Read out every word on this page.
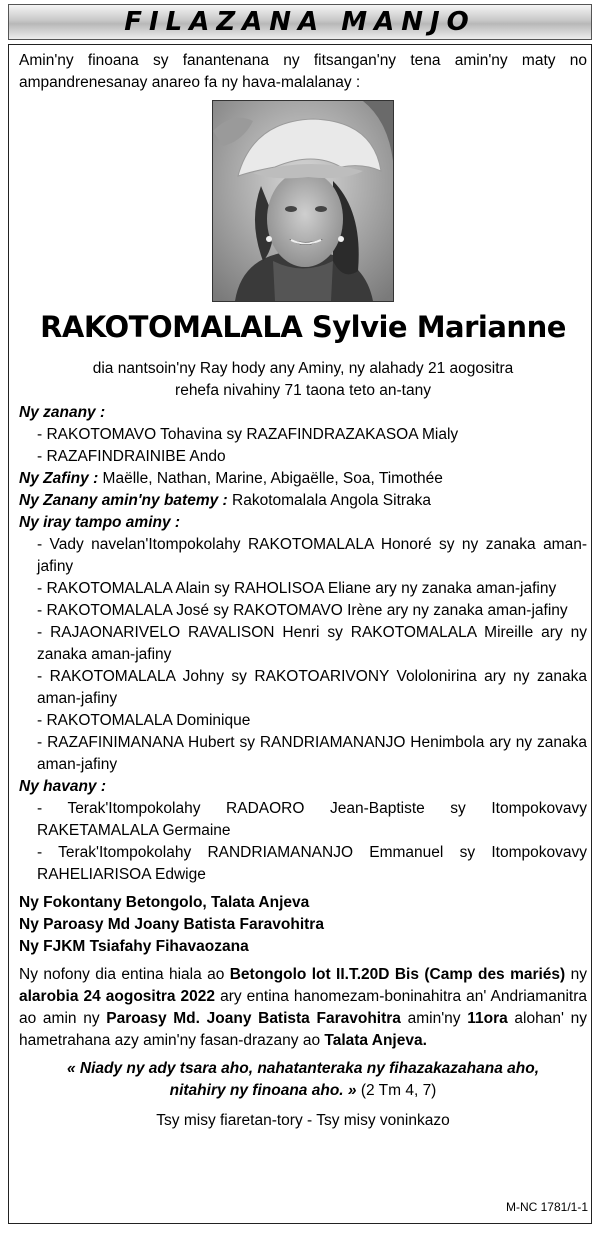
FILAZANA MANJO

Amin'ny finoana sy fanantenana ny fitsangan'ny tena amin'ny maty no ampandrenesanay anareo fa ny hava-malalanay :

RAKOTOMALALA Sylvie Marianne
dia nantsoin'ny Ray hody any Aminy, ny alahady 21 aogositra
rehefa nivahiny 71 taona teto an-tany

Ny zanany :

- RAKOTOMAVO Tohavina sy RAZAFINDRAZAKASOA Mialy

- RAZAFINDRAINIBE Ando

Ny Zafiny : Maëlle, Nathan, Marine, Abigaëlle, Soa, Timothée

Ny Zanany amin'ny batemy : Rakotomalala Angola Sitraka

Ny iray tampo aminy :

- Vady navelan'Itompokolahy RAKOTOMALALA Honoré sy ny zanaka aman-jafiny

- RAKOTOMALALA Alain sy RAHOLISOA Eliane ary ny zanaka aman-jafiny

- RAKOTOMALALA José sy RAKOTOMAVO Irène ary ny zanaka aman-jafiny

- RAJAONARIVELO RAVALISON Henri sy RAKOTOMALALA Mireille ary ny zanaka aman-jafiny

- RAKOTOMALALA Johny sy RAKOTOARIVONY Vololonirina ary ny zanaka aman-jafiny

- RAKOTOMALALA Dominique

- RAZAFINIMANANA Hubert sy RANDRIAMANANJO Henimbola ary ny zanaka aman-jafiny

Ny havany :

- Terak'Itompokolahy RADAORO Jean-Baptiste sy Itompokovavy RAKETAMALALA Germaine

- Terak'Itompokolahy RANDRIAMANANJO Emmanuel sy Itompokovavy RAHELIARISOA Edwige

Ny Fokontany Betongolo, Talata Anjeva

Ny Paroasy Md Joany Batista Faravohitra

Ny FJKM Tsiafahy Fihavaozana

Ny nofony dia entina hiala ao Betongolo lot II.T.20D Bis (Camp des mariés) ny alarobia 24 aogositra 2022 ary entina hanomezam-boninahitra an' Andriamanitra ao amin ny Paroasy Md. Joany Batista Faravohitra amin'ny 11ora alohan' ny hametrahana azy amin'ny fasan-drazany ao Talata Anjeva.

« Niady ny ady tsara aho, nahatanteraka ny fihazakazahana aho,
nitahiry ny finoana aho. » (2 Tm 4, 7)
Tsy misy fiaretan-tory - Tsy misy voninkazo
M-NC 1781/1-1
